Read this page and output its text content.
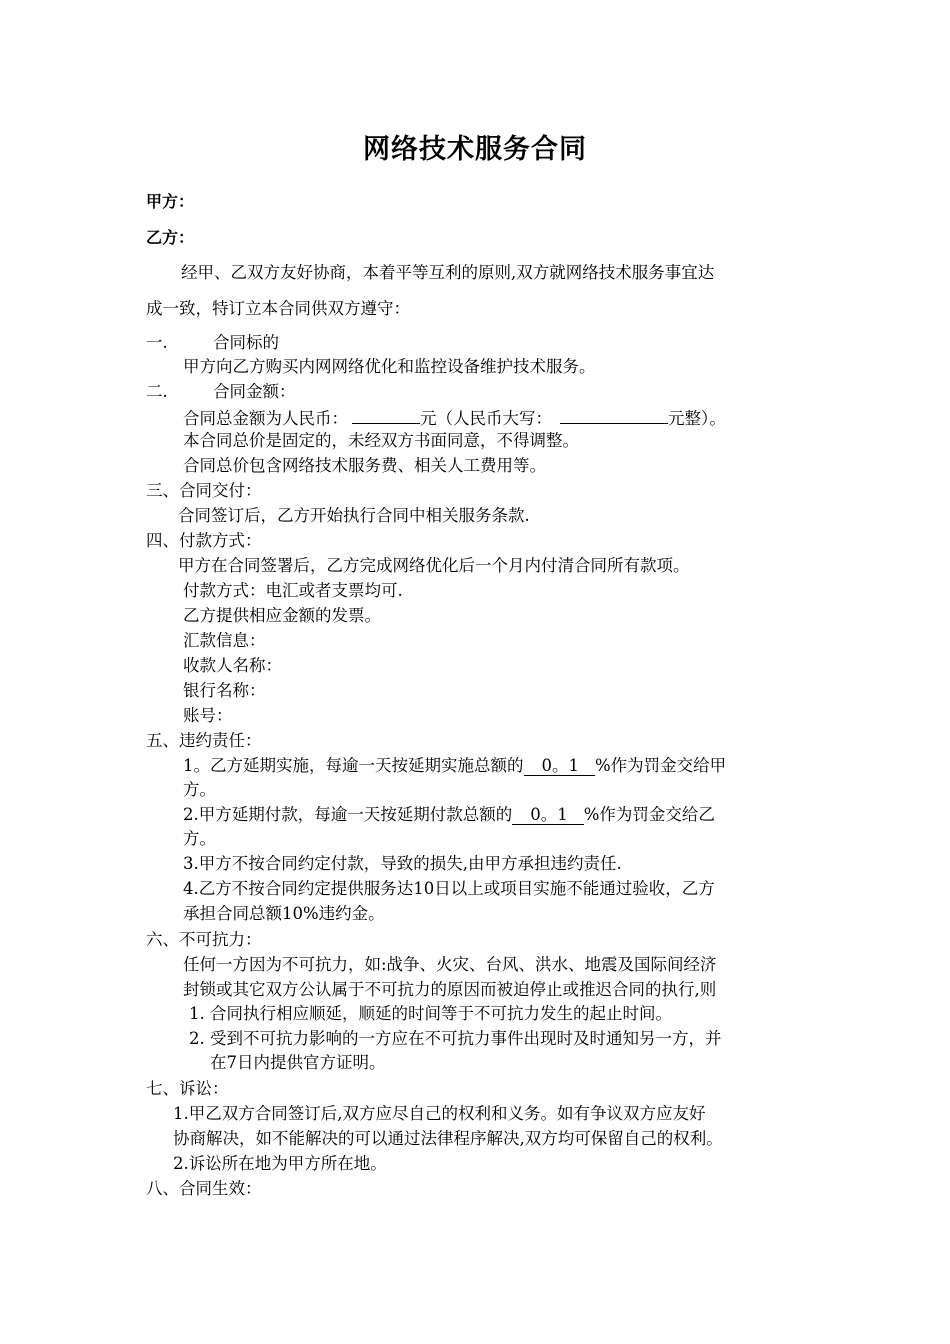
网络技术服务合同
甲方：
乙方：
经甲、乙双方友好协商，本着平等互利的原则,双方就网络技术服务事宜达
成一致，特订立本合同供双方遵守：
一.	合同标的
甲方向乙方购买内网网络优化和监控设备维护技术服务。
二.	合同金额：
合同总金额为人民币：	元（人民币大写：	元整）。
本合同总价是固定的，未经双方书面同意，不得调整。
合同总价包含网络技术服务费、相关人工费用等。
三、合同交付：
合同签订后，乙方开始执行合同中相关服务条款.
四、付款方式：
甲方在合同签署后，乙方完成网络优化后一个月内付清合同所有款项。
付款方式：电汇或者支票均可.
乙方提供相应金额的发票。
汇款信息：
收款人名称：
银行名称：
账号：
五、违约责任：
1。乙方延期实施，每逾一天按延期实施总额的 0。1 %作为罚金交给甲
方。
2.甲方延期付款，每逾一天按延期付款总额的 0。1 %作为罚金交给乙
方。
3.甲方不按合同约定付款，导致的损失,由甲方承担违约责任.
4.乙方不按合同约定提供服务达10日以上或项目实施不能通过验收，乙方
承担合同总额10%违约金。
六、不可抗力：
任何一方因为不可抗力，如:战争、火灾、台风、洪水、地震及国际间经济
封锁或其它双方公认属于不可抗力的原因而被迫停止或推迟合同的执行,则
1. 合同执行相应顺延，顺延的时间等于不可抗力发生的起止时间。
2. 受到不可抗力影响的一方应在不可抗力事件出现时及时通知另一方，并
在7日内提供官方证明。
七、诉讼：
1.甲乙双方合同签订后,双方应尽自己的权利和义务。如有争议双方应友好
协商解决，如不能解决的可以通过法律程序解决,双方均可保留自己的权利。
2.诉讼所在地为甲方所在地。
八、合同生效：
